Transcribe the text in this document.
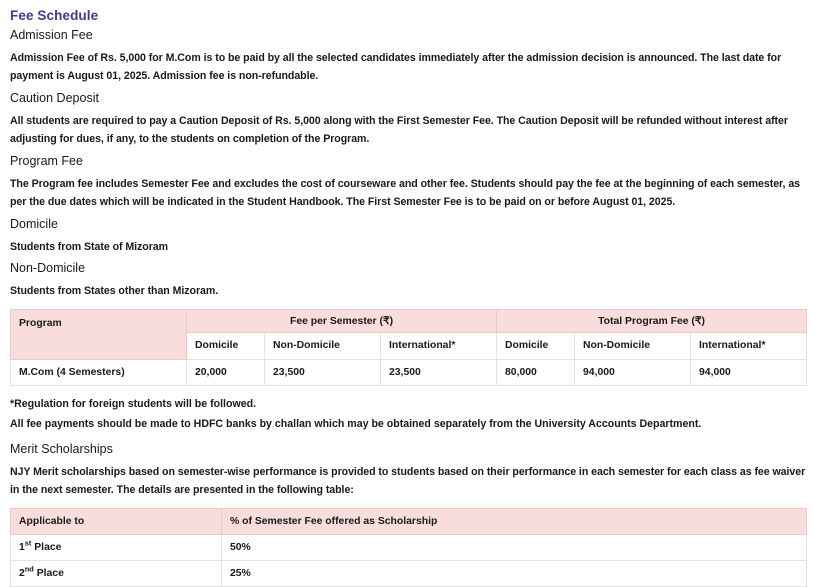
Fee Schedule
Admission Fee
Admission Fee of Rs. 5,000 for M.Com is to be paid by all the selected candidates immediately after the admission decision is announced. The last date for payment is August 01, 2025. Admission fee is non-refundable.
Caution Deposit
All students are required to pay a Caution Deposit of Rs. 5,000 along with the First Semester Fee. The Caution Deposit will be refunded without interest after adjusting for dues, if any, to the students on completion of the Program.
Program Fee
The Program fee includes Semester Fee and excludes the cost of courseware and other fee. Students should pay the fee at the beginning of each semester, as per the due dates which will be indicated in the Student Handbook. The First Semester Fee is to be paid on or before August 01, 2025.
Domicile
Students from State of Mizoram
Non-Domicile
Students from States other than Mizoram.
Program	Fee per Semester (₹)			Total Program Fee (₹)		
	Domicile	Non-Domicile	International*	Domicile	Non-Domicile	International*
M.Com (4 Semesters)	20,000	23,500	23,500	80,000	94,000	94,000
*Regulation for foreign students will be followed.
All fee payments should be made to HDFC banks by challan which may be obtained separately from the University Accounts Department.
Merit Scholarships
NJY Merit scholarships based on semester-wise performance is provided to students based on their performance in each semester for each class as fee waiver in the next semester. The details are presented in the following table:
Applicable to	% of Semester Fee offered as Scholarship
1st Place	50%
2nd Place	25%
